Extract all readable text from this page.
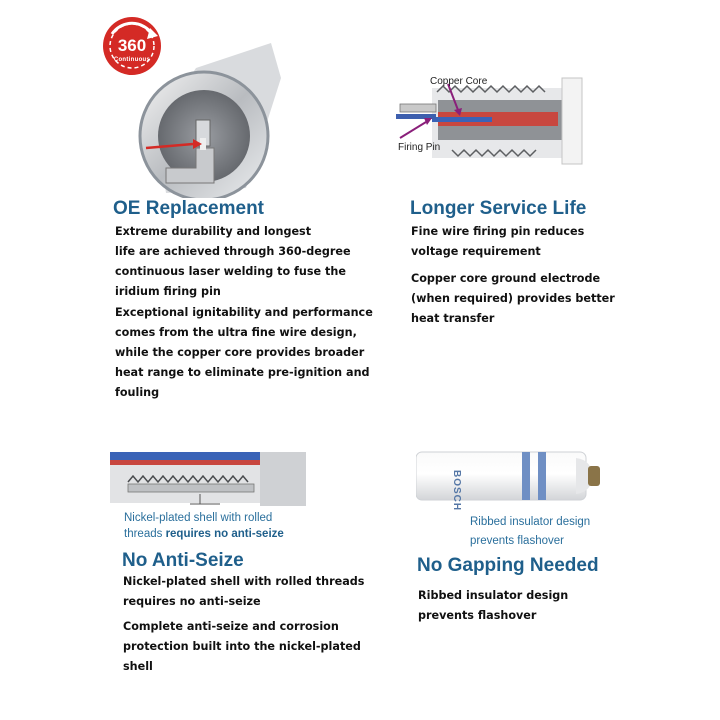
360
Continuous
OE Replacement

Extreme durability and longest

life are achieved through 360-degree

continuous laser welding to fuse the

iridium firing pin

Exceptional ignitability and performance

comes from the ultra fine wire design,

while the copper core provides broader

heat range to eliminate pre-ignition and

fouling

Copper Core
Firing Pin
Longer Service Life

Fine wire firing pin reduces

voltage requirement

Copper core ground electrode

(when required) provides better

heat transfer

Nickel-plated shell with rolled
threads requires no anti-seize
No Anti-Seize

Nickel-plated shell with rolled threads

requires no anti-seize

Complete anti-seize and corrosion

protection built into the nickel-plated

shell

BOSCH
Ribbed insulator design
prevents flashover
No Gapping Needed

Ribbed insulator design

prevents flashover
